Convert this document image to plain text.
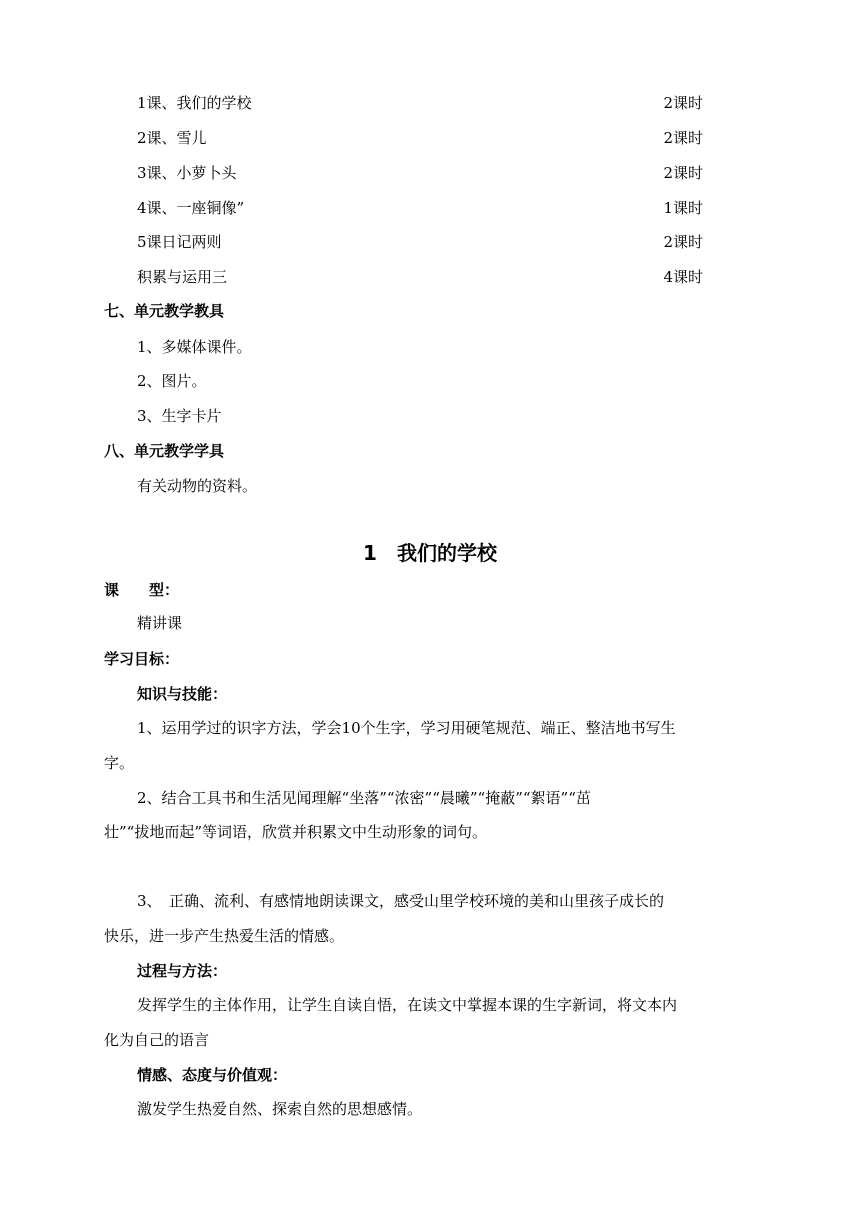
1课、我们的学校	2课时
2课、雪儿	2课时
3课、小萝卜头	2课时
4课、一座铜像”	1课时
5课日记两则	2课时
积累与运用三	4课时
七、单元教学教具
1、多媒体课件。
2、图片。
3、生字卡片
八、单元教学学具
有关动物的资料。
1　我们的学校
课　　型：
精讲课
学习目标：
知识与技能：
1、运用学过的识字方法，学会10个生字，学习用硬笔规范、端正、整洁地书写生
字。
2、结合工具书和生活见闻理解“坐落”“浓密”“晨曦”“掩蔽”“絮语”“茁
壮”“拔地而起”等词语，欣赏并积累文中生动形象的词句。
3、　正确、流利、有感情地朗读课文，感受山里学校环境的美和山里孩子成长的
快乐，进一步产生热爱生活的情感。
过程与方法：
发挥学生的主体作用，让学生自读自悟，在读文中掌握本课的生字新词，将文本内
化为自己的语言
情感、态度与价值观：
激发学生热爱自然、探索自然的思想感情。
